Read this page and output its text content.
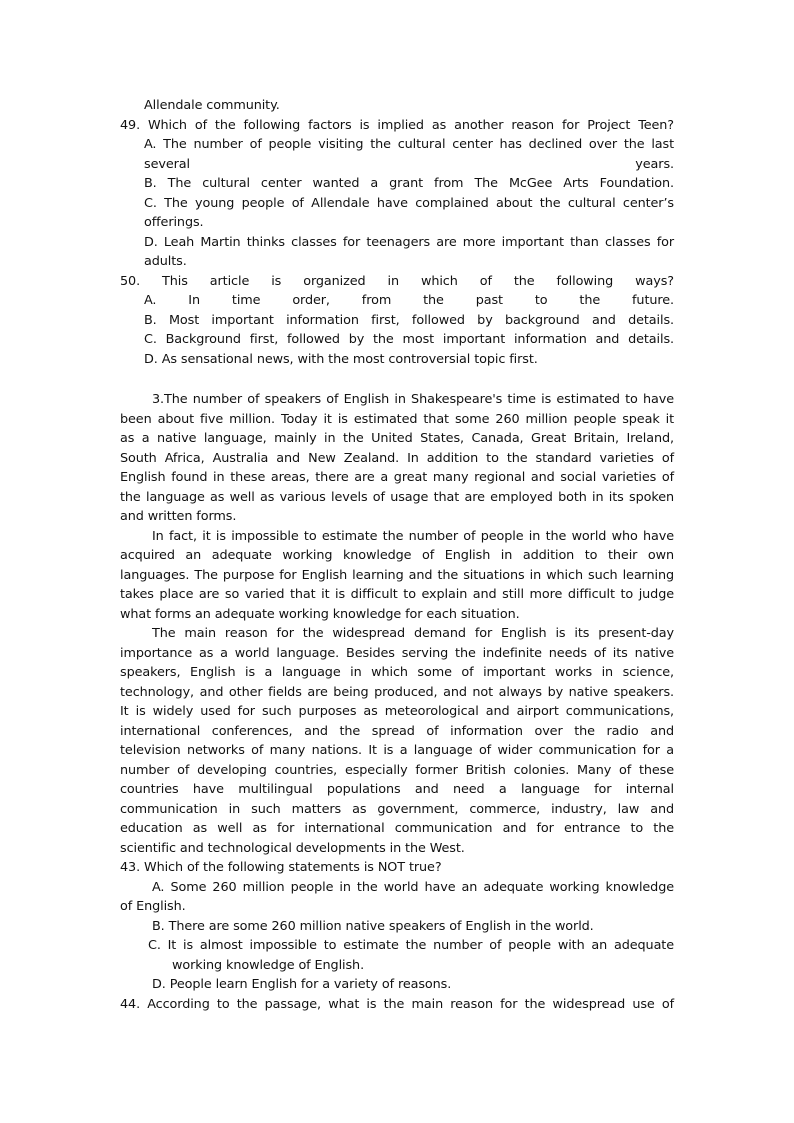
Allendale community.
49. Which of the following factors is implied as another reason for Project Teen?
A. The number of people visiting the cultural center has declined over the last
several years.
B. The cultural center wanted a grant from The McGee Arts Foundation.
C. The young people of Allendale have complained about the cultural center’s
offerings.
D. Leah Martin thinks classes for teenagers are more important than classes for
adults.
50. This article is organized in which of the following ways?
A. In time order, from the past to the future.
B. Most important information first, followed by background and details.
C. Background first, followed by the most important information and details.
D. As sensational news, with the most controversial topic first.
3.The number of speakers of English in Shakespeare's time is estimated to have
been about five million. Today it is estimated that some 260 million people speak it
as a native language, mainly in the United States, Canada, Great Britain, Ireland,
South Africa, Australia and New Zealand. In addition to the standard varieties of
English found in these areas, there are a great many regional and social varieties of
the language as well as various levels of usage that are employed both in its spoken
and written forms.
In fact, it is impossible to estimate the number of people in the world who have
acquired an adequate working knowledge of English in addition to their own
languages. The purpose for English learning and the situations in which such learning
takes place are so varied that it is difficult to explain and still more difficult to judge
what forms an adequate working knowledge for each situation.
The main reason for the widespread demand for English is its present-day
importance as a world language. Besides serving the indefinite needs of its native
speakers, English is a language in which some of important works in science,
technology, and other fields are being produced, and not always by native speakers.
It is widely used for such purposes as meteorological and airport communications,
international conferences, and the spread of information over the radio and
television networks of many nations. It is a language of wider communication for a
number of developing countries, especially former British colonies. Many of these
countries have multilingual populations and need a language for internal
communication in such matters as government, commerce, industry, law and
education as well as for international communication and for entrance to the
scientific and technological developments in the West.
43. Which of the following statements is NOT true?
A. Some 260 million people in the world have an adequate working knowledge
of English.
B. There are some 260 million native speakers of English in the world.
C. It is almost impossible to estimate the number of people with an adequate
working knowledge of English.
D. People learn English for a variety of reasons.
44. According to the passage, what is the main reason for the widespread use of
